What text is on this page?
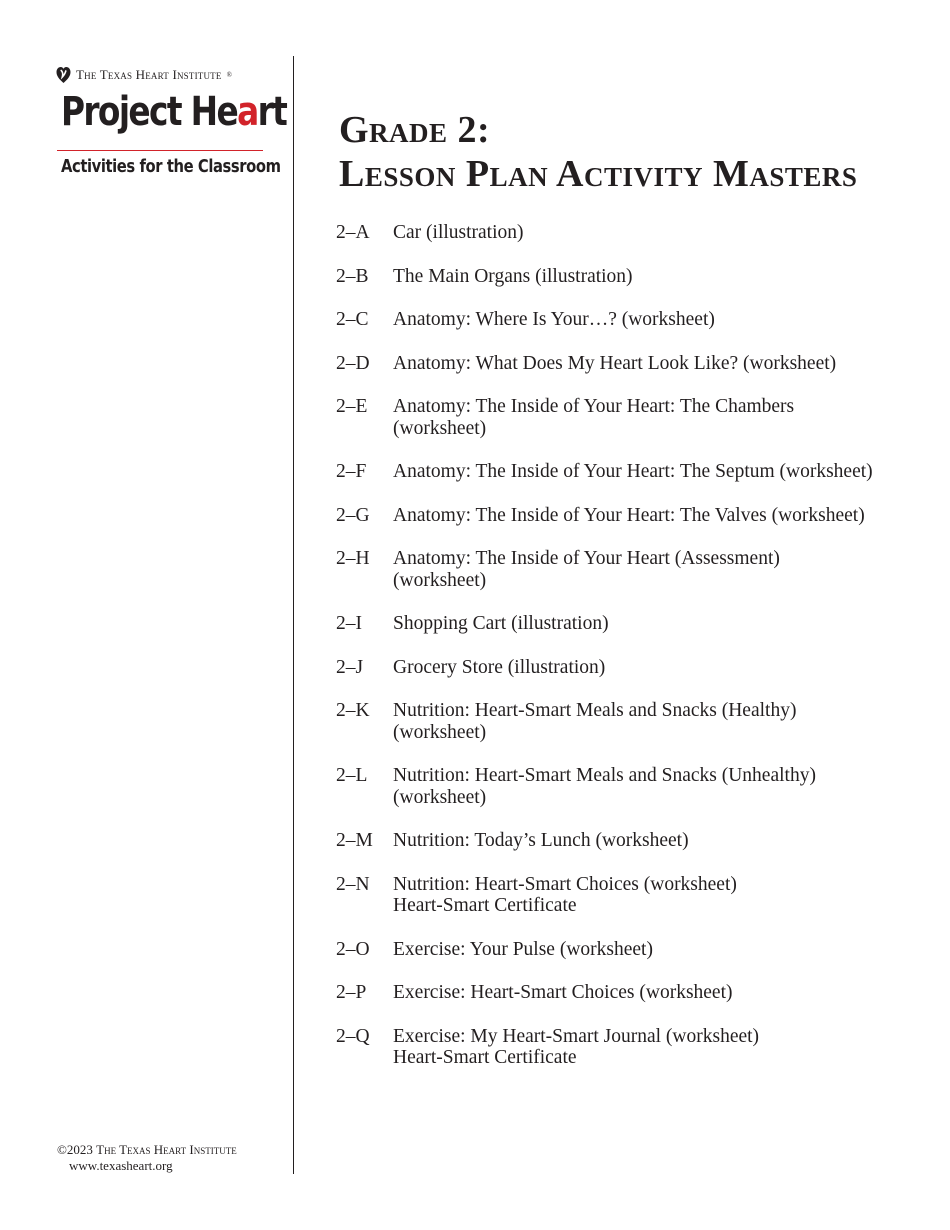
The Texas Heart Institute ®
Project Heart
Activities for the Classroom
Grade 2:
Lesson Plan Activity Masters
2–A	Car (illustration)
2–B	The Main Organs (illustration)
2–C	Anatomy: Where Is Your…? (worksheet)
2–D	Anatomy: What Does My Heart Look Like? (worksheet)
2–E	Anatomy: The Inside of Your Heart: The Chambers
(worksheet)
2–F	Anatomy: The Inside of Your Heart: The Septum (worksheet)
2–G	Anatomy: The Inside of Your Heart: The Valves (worksheet)
2–H	Anatomy: The Inside of Your Heart (Assessment)
(worksheet)
2–I	Shopping Cart (illustration)
2–J	Grocery Store (illustration)
2–K	Nutrition: Heart-Smart Meals and Snacks (Healthy)
(worksheet)
2–L	Nutrition: Heart-Smart Meals and Snacks (Unhealthy)
(worksheet)
2–M	Nutrition: Today’s Lunch (worksheet)
2–N	Nutrition: Heart-Smart Choices (worksheet)
Heart-Smart Certificate
2–O	Exercise: Your Pulse (worksheet)
2–P	Exercise: Heart-Smart Choices (worksheet)
2–Q	Exercise: My Heart-Smart Journal (worksheet)
Heart-Smart Certificate
©2023 The Texas Heart Institute
www.texasheart.org
